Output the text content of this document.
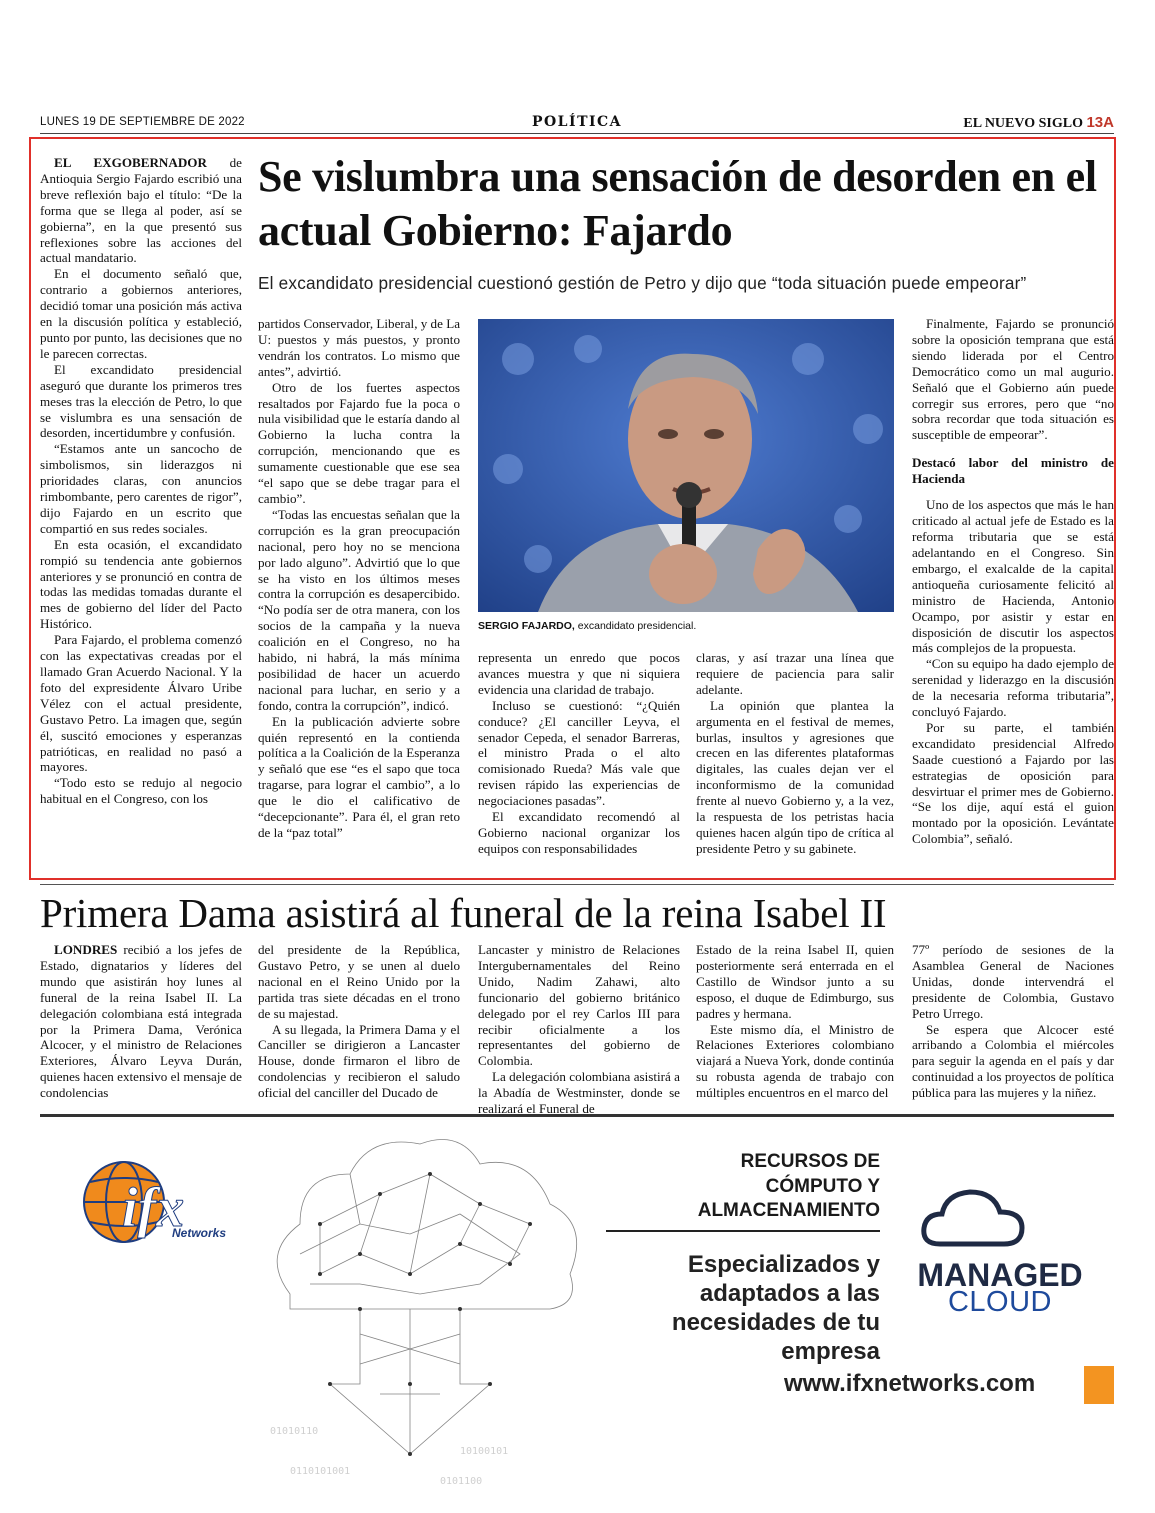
LUNES 19 DE SEPTIEMBRE DE 2022	POLÍTICA	EL NUEVO SIGLO 13A
Se vislumbra una sensación de desorden en el actual Gobierno: Fajardo
El excandidato presidencial cuestionó gestión de Petro y dijo que “toda situación puede empeorar”

EL EXGOBERNADOR de Antioquia Sergio Fajardo escribió una breve reflexión bajo el título: “De la forma que se llega al poder, así se gobierna”, en la que presentó sus reflexiones sobre las acciones del actual mandatario.

En el documento señaló que, contrario a gobiernos anteriores, decidió tomar una posición más activa en la discusión política y estableció, punto por punto, las decisiones que no le parecen correctas.

El excandidato presidencial aseguró que durante los primeros tres meses tras la elección de Petro, lo que se vislumbra es una sensación de desorden, incertidumbre y confusión.

“Estamos ante un sancocho de simbolismos, sin liderazgos ni prioridades claras, con anuncios rimbombante, pero carentes de rigor”, dijo Fajardo en un escrito que compartió en sus redes sociales.

En esta ocasión, el excandidato rompió su tendencia ante gobiernos anteriores y se pronunció en contra de todas las medidas tomadas durante el mes de gobierno del líder del Pacto Histórico.

Para Fajardo, el problema comenzó con las expectativas creadas por el llamado Gran Acuerdo Nacional. Y la foto del expresidente Álvaro Uribe Vélez con el actual presidente, Gustavo Petro. La imagen que, según él, suscitó emociones y esperanzas patrióticas, en realidad no pasó a mayores.

“Todo esto se redujo al negocio habitual en el Congreso, con los

partidos Conservador, Liberal, y de La U: puestos y más puestos, y pronto vendrán los contratos. Lo mismo que antes”, advirtió.

Otro de los fuertes aspectos resaltados por Fajardo fue la poca o nula visibilidad que le estaría dando al Gobierno la lucha contra la corrupción, mencionando que es sumamente cuestionable que ese sea “el sapo que se debe tragar para el cambio”.

“Todas las encuestas señalan que la corrupción es la gran preocupación nacional, pero hoy no se menciona por lado alguno”. Advirtió que lo que se ha visto en los últimos meses contra la corrupción es desapercibido. “No podía ser de otra manera, con los socios de la campaña y la nueva coalición en el Congreso, no ha habido, ni habrá, la más mínima posibilidad de hacer un acuerdo nacional para luchar, en serio y a fondo, contra la corrupción”, indicó.

En la publicación advierte sobre quién representó en la contienda política a la Coalición de la Esperanza y señaló que ese “es el sapo que toca tragarse, para lograr el cambio”, a lo que le dio el calificativo de “decepcionante”. Para él, el gran reto de la “paz total”

SERGIO FAJARDO, excandidato presidencial.

representa un enredo que pocos avances muestra y que ni siquiera evidencia una claridad de trabajo.

Incluso se cuestionó: “¿Quién conduce? ¿El canciller Leyva, el senador Cepeda, el senador Barreras, el ministro Prada o el alto comisionado Rueda? Más vale que revisen rápido las experiencias de negociaciones pasadas”.

El excandidato recomendó al Gobierno nacional organizar los equipos con responsabilidades

claras, y así trazar una línea que requiere de paciencia para salir adelante.

La opinión que plantea la argumenta en el festival de memes, burlas, insultos y agresiones que crecen en las diferentes plataformas digitales, las cuales dejan ver el inconformismo de la comunidad frente al nuevo Gobierno y, a la vez, la respuesta de los petristas hacia quienes hacen algún tipo de crítica al presidente Petro y su gabinete.

Finalmente, Fajardo se pronunció sobre la oposición temprana que está siendo liderada por el Centro Democrático como un mal augurio. Señaló que el Gobierno aún puede corregir sus errores, pero que “no sobra recordar que toda situación es susceptible de empeorar”.

Destacó labor del ministro de Hacienda

Uno de los aspectos que más le han criticado al actual jefe de Estado es la reforma tributaria que se está adelantando en el Congreso. Sin embargo, el exalcalde de la capital antioqueña curiosamente felicitó al ministro de Hacienda, Antonio Ocampo, por asistir y estar en disposición de discutir los aspectos más complejos de la propuesta.

“Con su equipo ha dado ejemplo de serenidad y liderazgo en la discusión de la necesaria reforma tributaria”, concluyó Fajardo.

Por su parte, el también excandidato presidencial Alfredo Saade cuestionó a Fajardo por las estrategias de oposición para desvirtuar el primer mes de Gobierno. “Se los dije, aquí está el guion montado por la oposición. Levántate Colombia”, señaló.

Primera Dama asistirá al funeral de la reina Isabel II

LONDRES recibió a los jefes de Estado, dignatarios y líderes del mundo que asistirán hoy lunes al funeral de la reina Isabel II. La delegación colombiana está integrada por la Primera Dama, Verónica Alcocer, y el ministro de Relaciones Exteriores, Álvaro Leyva Durán, quienes hacen extensivo el mensaje de condolencias

del presidente de la República, Gustavo Petro, y se unen al duelo nacional en el Reino Unido por la partida tras siete décadas en el trono de su majestad.

A su llegada, la Primera Dama y el Canciller se dirigieron a Lancaster House, donde firmaron el libro de condolencias y recibieron el saludo oficial del canciller del Ducado de

Lancaster y ministro de Relaciones Intergubernamentales del Reino Unido, Nadim Zahawi, alto funcionario del gobierno británico delegado por el rey Carlos III para recibir oficialmente a los representantes del gobierno de Colombia.

La delegación colombiana asistirá a la Abadía de Westminster, donde se realizará el Funeral de

Estado de la reina Isabel II, quien posteriormente será enterrada en el Castillo de Windsor junto a su esposo, el duque de Edimburgo, sus padres y hermana.

Este mismo día, el Ministro de Relaciones Exteriores colombiano viajará a Nueva York, donde continúa su robusta agenda de trabajo con múltiples encuentros en el marco del

77º período de sesiones de la Asamblea General de Naciones Unidas, donde intervendrá el presidente de Colombia, Gustavo Petro Urrego.

Se espera que Alcocer esté arribando a Colombia el miércoles para seguir la agenda en el país y dar continuidad a los proyectos de política pública para las mujeres y la niñez.

ifx
Networks
01010110
10100101
0110101001
0101100
RECURSOS DE
CÓMPUTO Y
ALMACENAMIENTO
Especializados y
adaptados a las
necesidades de tu
empresa
MANAGED
CLOUD
www.ifxnetworks.com
